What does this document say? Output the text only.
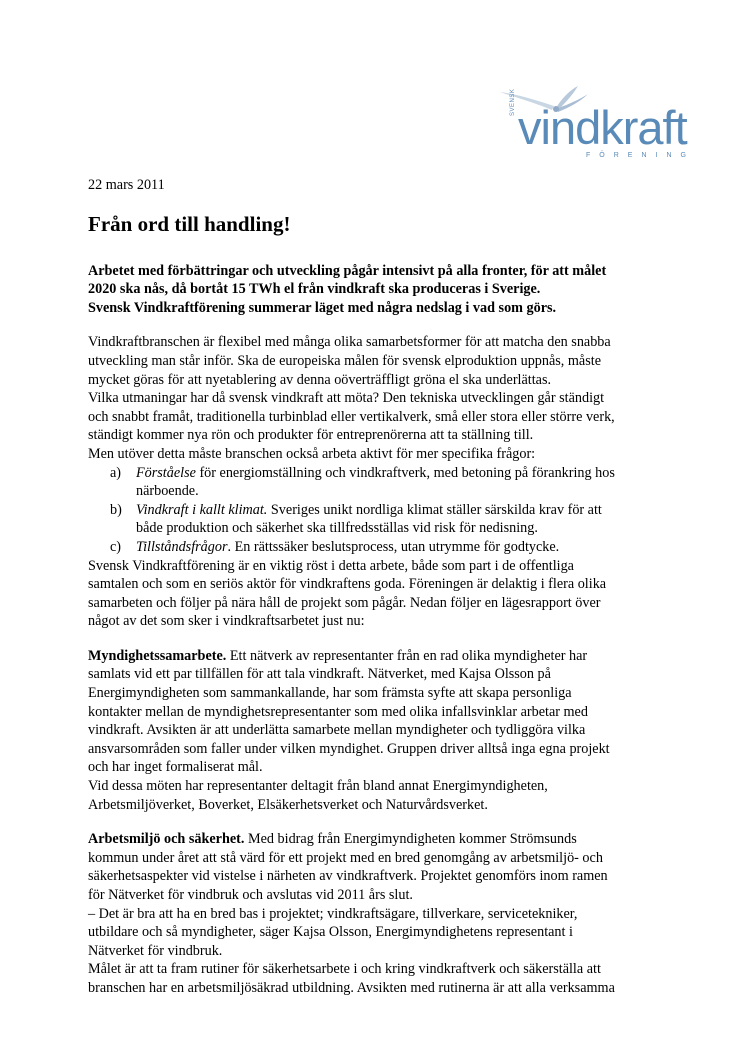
SVENSK vindkraft
FÖRENING

22 mars 2011

Från ord till handling!

Arbetet med förbättringar och utveckling pågår intensivt på alla fronter, för att målet

2020 ska nås, då bortåt 15 TWh el från vindkraft ska produceras i Sverige.

Svensk Vindkraftförening summerar läget med några nedslag i vad som görs.

Vindkraftbranschen är flexibel med många olika samarbetsformer för att matcha den snabba

utveckling man står inför. Ska de europeiska målen för svensk elproduktion uppnås, måste

mycket göras för att nyetablering av denna oöverträffligt gröna el ska underlättas.

Vilka utmaningar har då svensk vindkraft att möta? Den tekniska utvecklingen går ständigt

och snabbt framåt, traditionella turbinblad eller vertikalverk, små eller stora eller större verk,

ständigt kommer nya rön och produkter för entreprenörerna att ta ställning till.

Men utöver detta måste branschen också arbeta aktivt för mer specifika frågor:

a) Förståelse för energiomställning och vindkraftverk, med betoning på förankring hos

närboende.

b) Vindkraft i kallt klimat. Sveriges unikt nordliga klimat ställer särskilda krav för att

både produktion och säkerhet ska tillfredsställas vid risk för nedisning.

c) Tillståndsfrågor. En rättssäker beslutsprocess, utan utrymme för godtycke.

Svensk Vindkraftförening är en viktig röst i detta arbete, både som part i de offentliga

samtalen och som en seriös aktör för vindkraftens goda. Föreningen är delaktig i flera olika

samarbeten och följer på nära håll de projekt som pågår. Nedan följer en lägesrapport över

något av det som sker i vindkraftsarbetet just nu:

Myndighetssamarbete. Ett nätverk av representanter från en rad olika myndigheter har

samlats vid ett par tillfällen för att tala vindkraft. Nätverket, med Kajsa Olsson på

Energimyndigheten som sammankallande, har som främsta syfte att skapa personliga

kontakter mellan de myndighetsrepresentanter som med olika infallsvinklar arbetar med

vindkraft. Avsikten är att underlätta samarbete mellan myndigheter och tydliggöra vilka

ansvarsområden som faller under vilken myndighet. Gruppen driver alltså inga egna projekt

och har inget formaliserat mål.

Vid dessa möten har representanter deltagit från bland annat Energimyndigheten,

Arbetsmiljöverket, Boverket, Elsäkerhetsverket och Naturvårdsverket.

Arbetsmiljö och säkerhet. Med bidrag från Energimyndigheten kommer Strömsunds

kommun under året att stå värd för ett projekt med en bred genomgång av arbetsmiljö- och

säkerhetsaspekter vid vistelse i närheten av vindkraftverk. Projektet genomförs inom ramen

för Nätverket för vindbruk och avslutas vid 2011 års slut.

– Det är bra att ha en bred bas i projektet; vindkraftsägare, tillverkare, servicetekniker,

utbildare och så myndigheter, säger Kajsa Olsson, Energimyndighetens representant i

Nätverket för vindbruk.

Målet är att ta fram rutiner för säkerhetsarbete i och kring vindkraftverk och säkerställa att

branschen har en arbetsmiljösäkrad utbildning. Avsikten med rutinerna är att alla verksamma
